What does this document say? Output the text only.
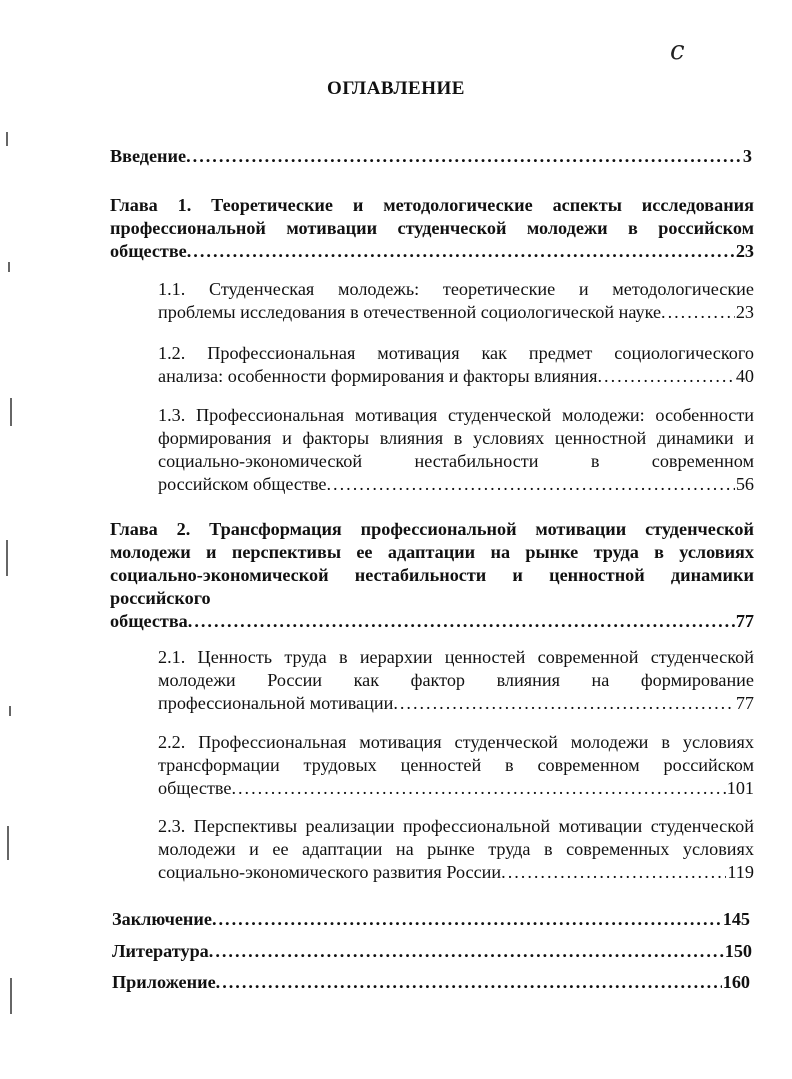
с
ОГЛАВЛЕНИЕ
Введение .....	3
Глава 1. Теоретические и методологические аспекты исследования профессиональной мотивации студенческой молодежи в российском
обществе .....	23
1.1. Студенческая молодежь: теоретические и методологические
проблемы исследования в отечественной социологической науке .....	23
1.2. Профессиональная мотивация как предмет социологического
анализа: особенности формирования и факторы влияния .....	40
1.3. Профессиональная мотивация студенческой молодежи: особенности формирования и факторы влияния в условиях ценностной динамики и социально-экономической нестабильности в современном
российском обществе .....	56
Глава 2. Трансформация профессиональной мотивации студенческой молодежи и перспективы ее адаптации на рынке труда в условиях социально-экономической нестабильности и ценностной динамики
российского
общества .....	77
2.1. Ценность труда в иерархии ценностей современной студенческой молодежи России как фактор влияния на формирование
профессиональной мотивации .....	77
2.2. Профессиональная мотивация студенческой молодежи в условиях трансформации трудовых ценностей в современном российском
обществе .....	101
2.3. Перспективы реализации профессиональной мотивации студенческой молодежи и ее адаптации на рынке труда в современных условиях
социально-экономического развития России .....	119
Заключение .....	145
Литература .....	150
Приложение .....	160
